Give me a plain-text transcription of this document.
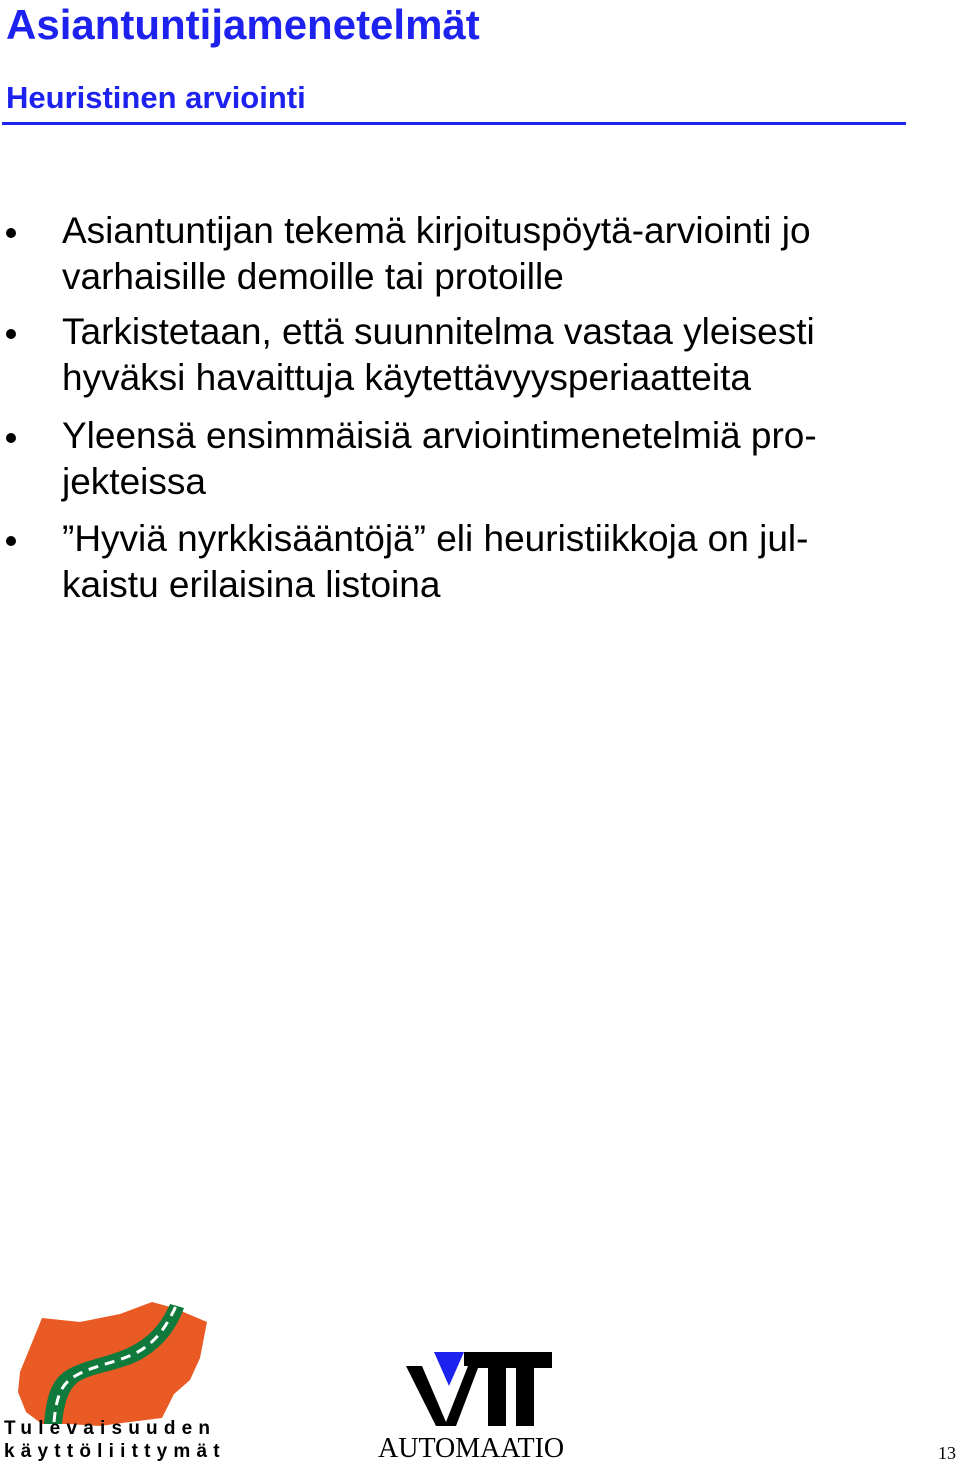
Asiantuntijamenetelmät
Heuristinen arviointi
Asiantuntijan tekemä kirjoituspöytä-arviointi jo
varhaisille demoille tai protoille
Tarkistetaan, että suunnitelma vastaa yleisesti
hyväksi havaittuja käytettävyysperiaatteita
Yleensä ensimmäisiä arviointimenetelmiä pro-
jekteissa
”Hyviä nyrkkisääntöjä” eli heuristiikkoja on jul-
kaistu erilaisina listoina
Tulevaisuuden
käyttöliittymät	AUTOMAATIO	13
